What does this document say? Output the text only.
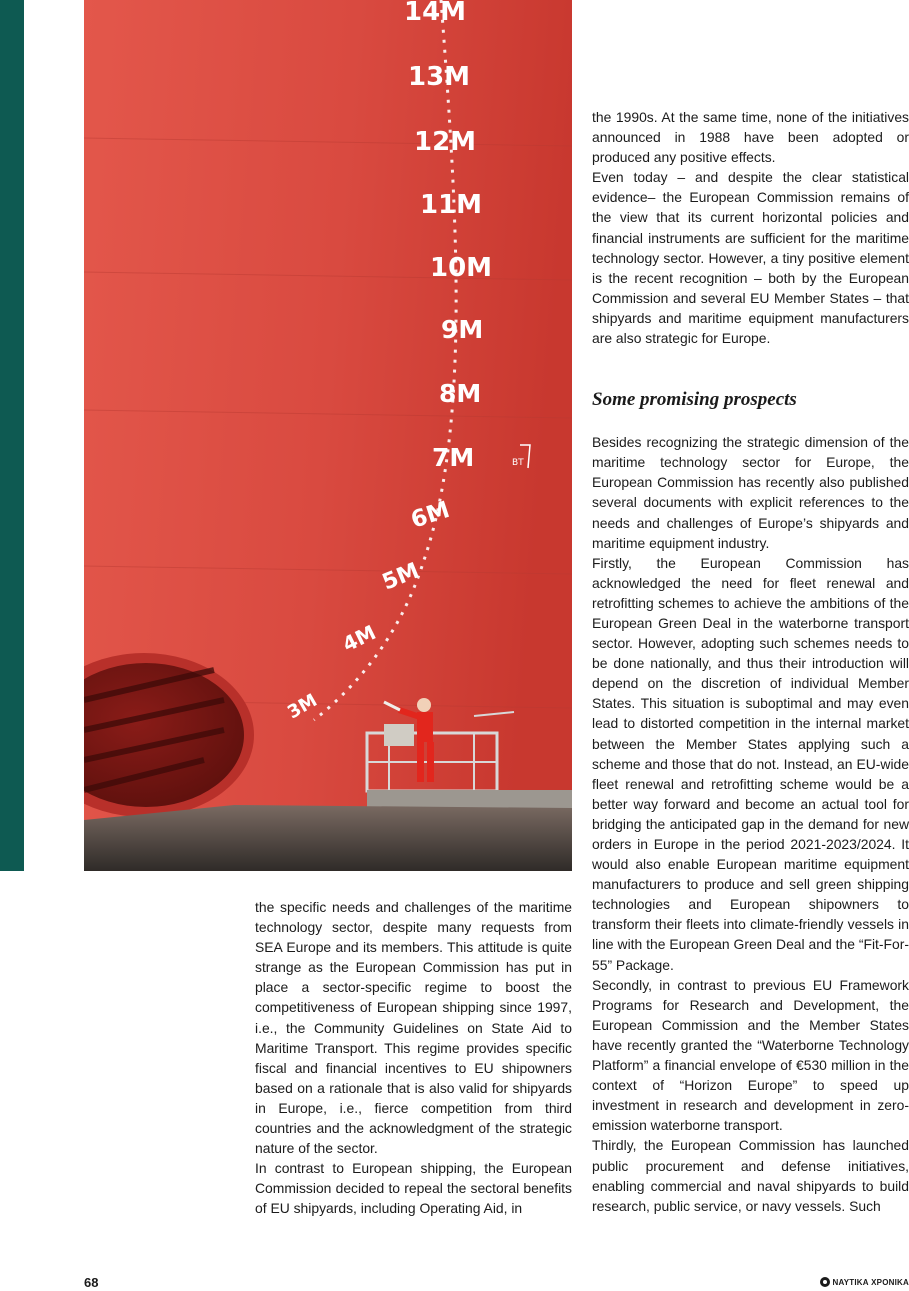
14M
13M
12M
11M
10M
9M
8M
7M
6M
5M
4M
3M
BT

the specific needs and challenges of the maritime technology sector, despite many requests from SEA Europe and its members. This attitude is quite strange as the European Commission has put in place a sector-specific regime to boost the competitiveness of European shipping since 1997, i.e., the Community Guidelines on State Aid to Maritime Transport. This regime provides specific fiscal and financial incentives to EU shipowners based on a rationale that is also valid for shipyards in Europe, i.e., fierce competition from third countries and the acknowledgment of the strategic nature of the sector.

In contrast to European shipping, the European Commission decided to repeal the sectoral benefits of EU shipyards, including Operating Aid, in

the 1990s. At the same time, none of the initiatives announced in 1988 have been adopted or produced any positive effects.

Even today – and despite the clear statistical evidence– the European Commission remains of the view that its current horizontal policies and financial instruments are sufficient for the maritime technology sector. However, a tiny positive element is the recent recognition – both by the European Commission and several EU Member States – that shipyards and maritime equipment manufacturers are also strategic for Europe.

Some promising prospects

Besides recognizing the strategic dimension of the maritime technology sector for Europe, the European Commission has recently also published several documents with explicit references to the needs and challenges of Europe’s shipyards and maritime equipment industry.

Firstly, the European Commission has acknowledged the need for fleet renewal and retrofitting schemes to achieve the ambitions of the European Green Deal in the waterborne transport sector. However, adopting such schemes needs to be done nationally, and thus their introduction will depend on the discretion of individual Member States. This situation is suboptimal and may even lead to distorted competition in the internal market between the Member States applying such a scheme and those that do not. Instead, an EU-wide fleet renewal and retrofitting scheme would be a better way forward and become an actual tool for bridging the anticipated gap in the demand for new orders in Europe in the period 2021-2023/2024. It would also enable European maritime equipment manufacturers to produce and sell green shipping technologies and European shipowners to transform their fleets into climate-friendly vessels in line with the European Green Deal and the “Fit-For-55” Package.

Secondly, in contrast to previous EU Framework Programs for Research and Development, the European Commission and the Member States have recently granted the “Waterborne Technology Platform” a financial envelope of €530 million in the context of “Horizon Europe” to speed up investment in research and development in zero-emission waterborne transport.

Thirdly, the European Commission has launched public procurement and defense initiatives, enabling commercial and naval shipyards to build research, public service, or navy vessels. Such

68	ΝΑΥΤΙΚΑ ΧΡΟΝΙΚΑ
